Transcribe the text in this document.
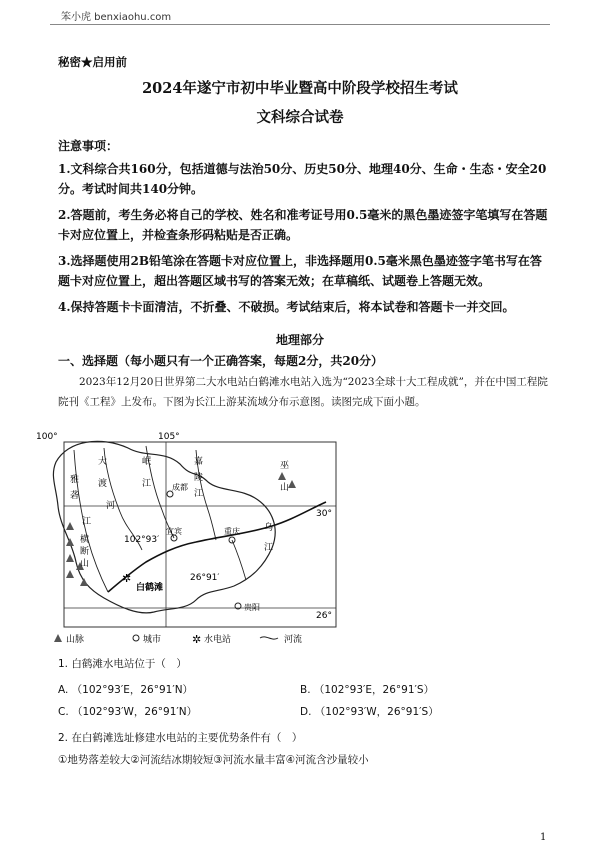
笨小虎 benxiaohu.com
秘密★启用前
2024年遂宁市初中毕业暨高中阶段学校招生考试
文科综合试卷
注意事项：
1.文科综合共160分，包括道德与法治50分、历史50分、地理40分、生命・生态・安全20分。考试时间共140分钟。
2.答题前，考生务必将自己的学校、姓名和准考证号用0.5毫米的黑色墨迹签字笔填写在答题卡对应位置上，并检查条形码粘贴是否正确。
3.选择题使用2B铅笔涂在答题卡对应位置上，非选择题用0.5毫米黑色墨迹签字笔书写在答题卡对应位置上，超出答题区域书写的答案无效；在草稿纸、试题卷上答题无效。
4.保持答题卡卡面清洁，不折叠、不破损。考试结束后，将本试卷和答题卡一并交回。
地理部分
一、选择题（每小题只有一个正确答案，每题2分，共20分）
2023年12月20日世界第二大水电站白鹤滩水电站入选为“2023全球十大工程成就”，并在中国工程院院刊《工程》上发布。下图为长江上游某流域分布示意图。读图完成下面小题。
100°	105°
30°
26°
✲
大
渡
河
岷
江	成都
嘉
陵
江
巫
山
雅
砻
江
横
断
山
宜宾	重庆	乌
江
白鹤滩
贵阳
102°93′
26°91′
山脉	城市	✲ 水电站	河流
1. 白鹤滩水电站位于（　）
A. （102°93′E，26°91′N）	B. （102°93′E，26°91′S）
C. （102°93′W，26°91′N）	D. （102°93′W，26°91′S）
2. 在白鹤滩选址修建水电站的主要优势条件有（　）
①地势落差较大②河流结冰期较短③河流水量丰富④河流含沙量较小
1
